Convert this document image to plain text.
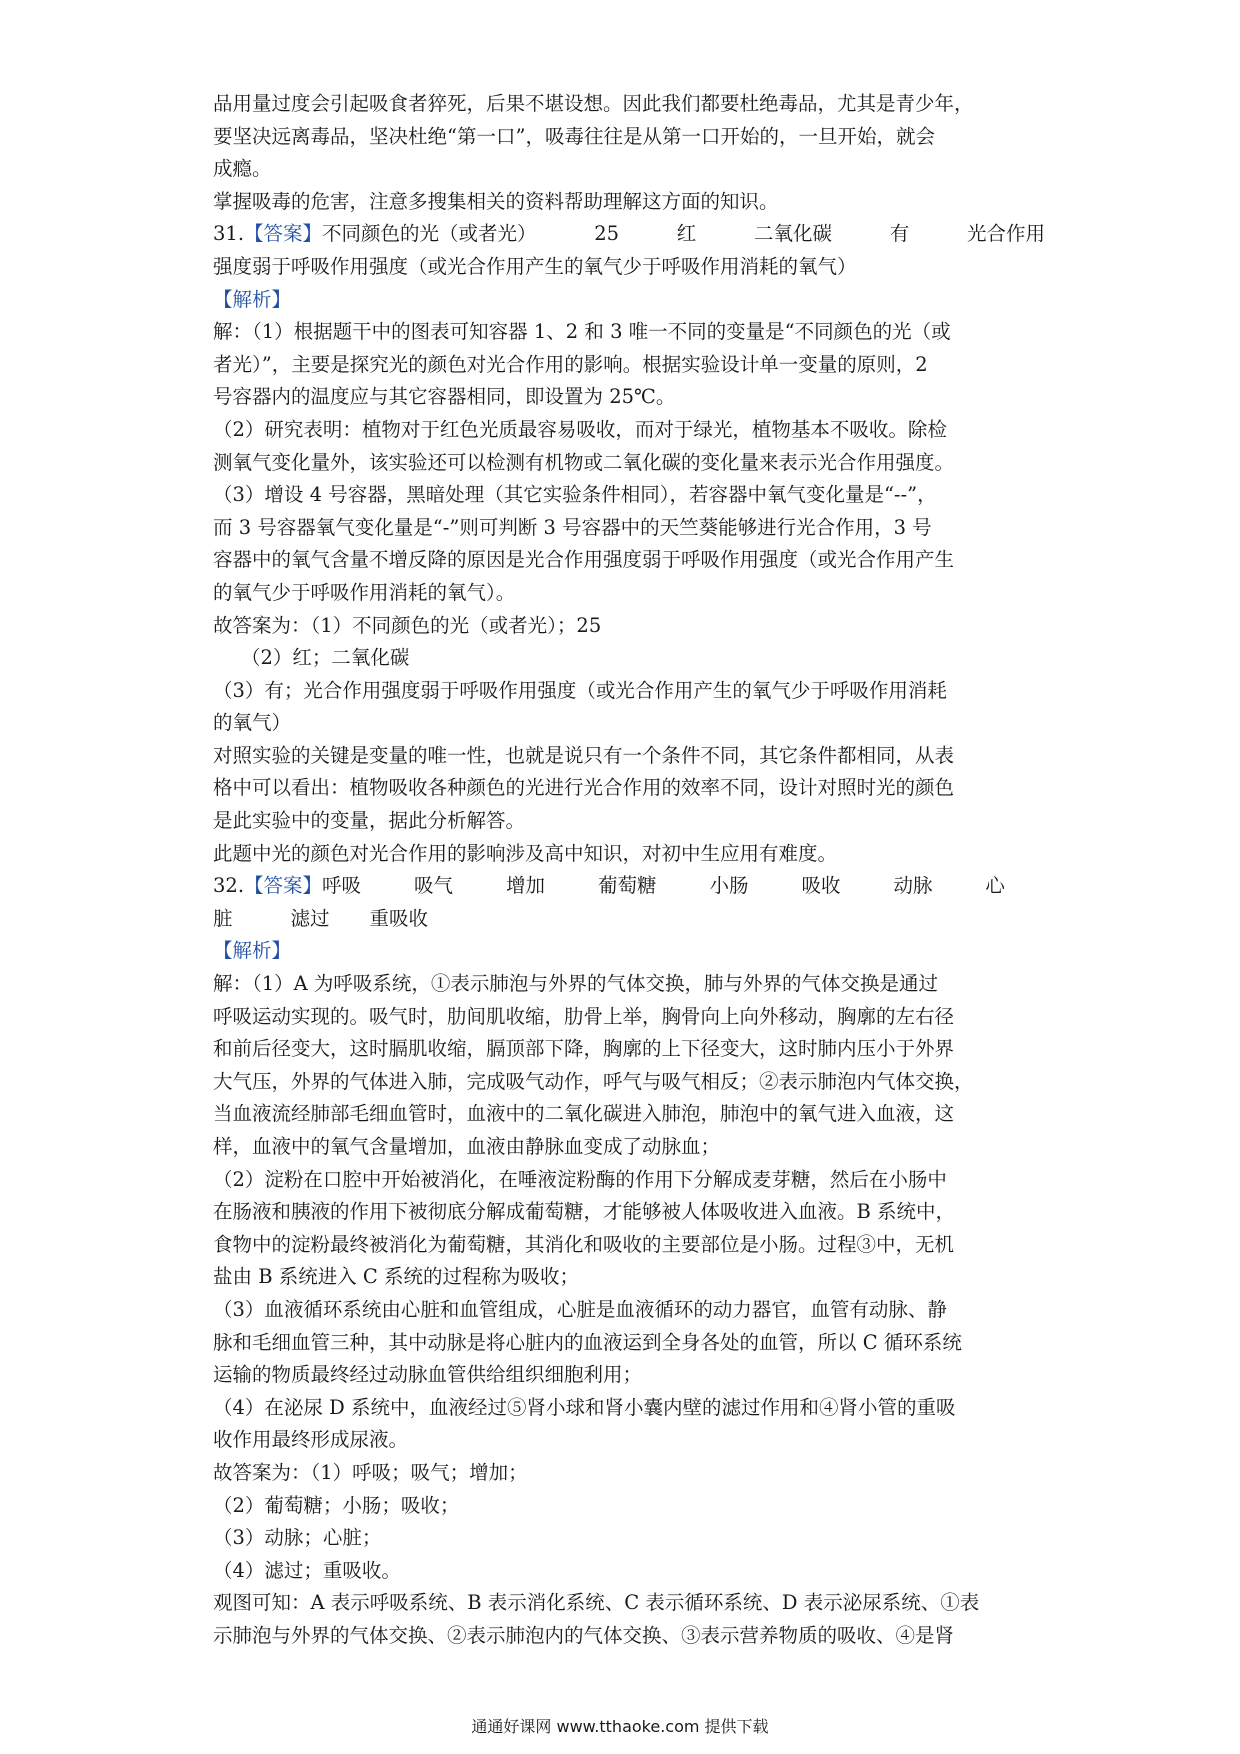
品用量过度会引起吸食者猝死，后果不堪设想。因此我们都要杜绝毒品，尤其是青少年，
要坚决远离毒品，坚决杜绝“第一口”，吸毒往往是从第一口开始的，一旦开始，就会
成瘾。
掌握吸毒的危害，注意多搜集相关的资料帮助理解这方面的知识。
31.【答案】不同颜色的光（或者光）	25	红	二氧化碳	有	光合作用
强度弱于呼吸作用强度（或光合作用产生的氧气少于呼吸作用消耗的氧气）
【解析】
解：（1）根据题干中的图表可知容器 1、2 和 3 唯一不同的变量是“不同颜色的光（或
者光）”，主要是探究光的颜色对光合作用的影响。根据实验设计单一变量的原则，2
号容器内的温度应与其它容器相同，即设置为 25℃。
（2）研究表明：植物对于红色光质最容易吸收，而对于绿光，植物基本不吸收。除检
测氧气变化量外，该实验还可以检测有机物或二氧化碳的变化量来表示光合作用强度。
（3）增设 4 号容器，黑暗处理（其它实验条件相同），若容器中氧气变化量是“--”，
而 3 号容器氧气变化量是“-”则可判断 3 号容器中的天竺葵能够进行光合作用，3 号
容器中的氧气含量不增反降的原因是光合作用强度弱于呼吸作用强度（或光合作用产生
的氧气少于呼吸作用消耗的氧气）。
故答案为：（1）不同颜色的光（或者光）；25
（2）红；二氧化碳
（3）有；光合作用强度弱于呼吸作用强度（或光合作用产生的氧气少于呼吸作用消耗
的氧气）
对照实验的关键是变量的唯一性，也就是说只有一个条件不同，其它条件都相同，从表
格中可以看出：植物吸收各种颜色的光进行光合作用的效率不同，设计对照时光的颜色
是此实验中的变量，据此分析解答。
此题中光的颜色对光合作用的影响涉及高中知识，对初中生应用有难度。
32.【答案】呼吸	吸气	增加	葡萄糖	小肠	吸收	动脉	心
脏	滤过 重吸收
【解析】
解：（1）A 为呼吸系统，①表示肺泡与外界的气体交换，肺与外界的气体交换是通过
呼吸运动实现的。吸气时，肋间肌收缩，肋骨上举，胸骨向上向外移动，胸廓的左右径
和前后径变大，这时膈肌收缩，膈顶部下降，胸廓的上下径变大，这时肺内压小于外界
大气压，外界的气体进入肺，完成吸气动作，呼气与吸气相反；②表示肺泡内气体交换，
当血液流经肺部毛细血管时，血液中的二氧化碳进入肺泡，肺泡中的氧气进入血液，这
样，血液中的氧气含量增加，血液由静脉血变成了动脉血；
（2）淀粉在口腔中开始被消化，在唾液淀粉酶的作用下分解成麦芽糖，然后在小肠中
在肠液和胰液的作用下被彻底分解成葡萄糖，才能够被人体吸收进入血液。B 系统中，
食物中的淀粉最终被消化为葡萄糖，其消化和吸收的主要部位是小肠。过程③中，无机
盐由 B 系统进入 C 系统的过程称为吸收；
（3）血液循环系统由心脏和血管组成，心脏是血液循环的动力器官，血管有动脉、静
脉和毛细血管三种，其中动脉是将心脏内的血液运到全身各处的血管，所以 C 循环系统
运输的物质最终经过动脉血管供给组织细胞利用；
（4）在泌尿 D 系统中，血液经过⑤肾小球和肾小囊内壁的滤过作用和④肾小管的重吸
收作用最终形成尿液。
故答案为：（1）呼吸；吸气；增加；
（2）葡萄糖；小肠；吸收；
（3）动脉；心脏；
（4）滤过；重吸收。
观图可知：A 表示呼吸系统、B 表示消化系统、C 表示循环系统、D 表示泌尿系统、①表
示肺泡与外界的气体交换、②表示肺泡内的气体交换、③表示营养物质的吸收、④是肾
通通好课网 www.tthaoke.com 提供下载
